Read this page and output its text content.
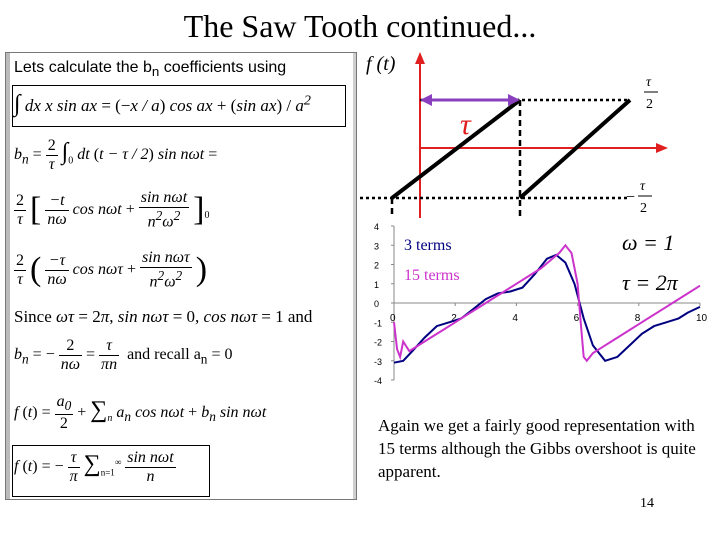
The Saw Tooth continued...
Lets calculate the $b_n$ coefficients using
∫ dx x sin ax = (−x / a) cos ax + (sin $ax) / a^2$
$b_n = \frac{2}{\tau} \int_0$ dt (t − τ / 2) sin nωt =
$\frac{2}{\tau}$ [ $\frac{-t}{n\omega}$ $\cos n\omega t + \frac{\text{sin nωt}}{n^2\omega^2} ]_0$
$\frac{2}{\tau}$ ( $\frac{-\tau}{n\omega}$ $\cos n\omega\tau + \frac{\text{sin nωτ}}{n^2\omega^2}$ )
Since ωτ = 2π, sin nωτ = 0, cos nωτ = 1 and
$b_n$ = − $\frac{2}{n\omega} = \frac{\tau}{\pi n}$ and recall $a_n = 0$
f $(t) = \frac{a_0}{2} + \sum_n$ $a_n$ $\cos n\omega t + b_n$ sin nωt
f (t) = − $\frac{\tau}{\pi} \sum_{n=1}^\infty \frac{\text{sin nωt}}{n}$
f (t)
τ
τ
2
−
τ
2
4
3
2
1
0
-1
-2
-3
-4
0	2	4	6	8	10
3 terms
15 terms
ω = 1
τ = 2π
Again we get a fairly good representation with 15 terms although the Gibbs overshoot is quite apparent.
14
